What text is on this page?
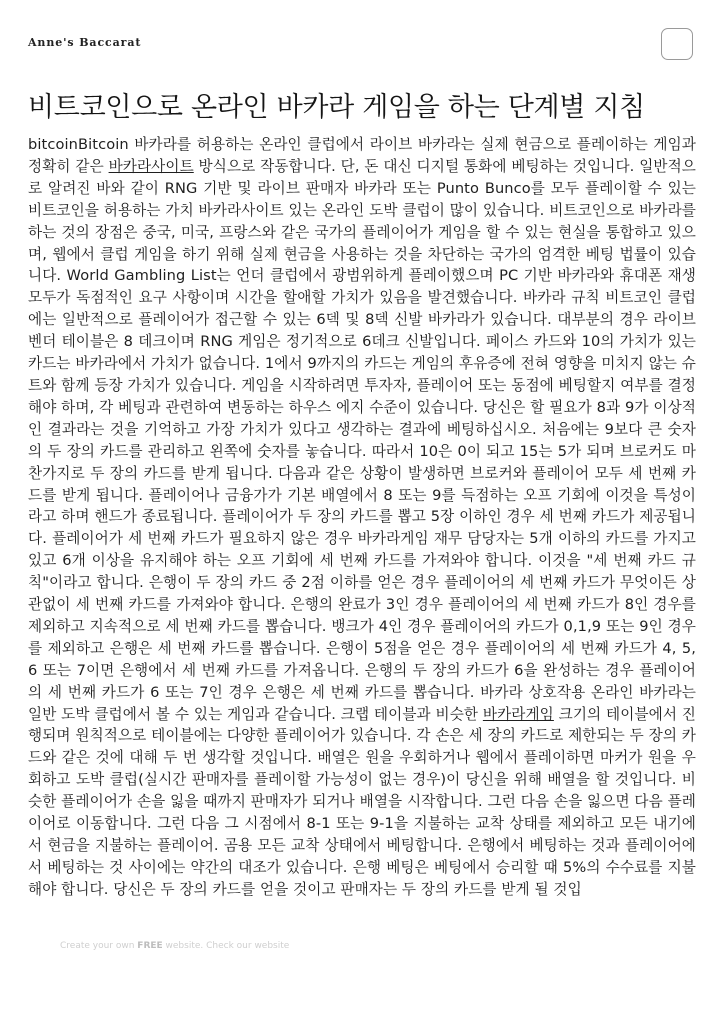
Anne's Baccarat
비트코인으로 온라인 바카라 게임을 하는 단계별 지침

bitcoinBitcoin 바카라를 허용하는 온라인 클럽에서 라이브 바카라는 실제 현금으로 플레이하는 게임과 정확히 같은 바카라사이트 방식으로 작동합니다. 단, 돈 대신 디지털 통화에 베팅하는 것입니다. 일반적으로 알려진 바와 같이 RNG 기반 및 라이브 판매자 바카라 또는 Punto Bunco를 모두 플레이할 수 있는 비트코인을 허용하는 가치 바카라사이트 있는 온라인 도박 클럽이 많이 있습니다. 비트코인으로 바카라를 하는 것의 장점은 중국, 미국, 프랑스와 같은 국가의 플레이어가 게임을 할 수 있는 현실을 통합하고 있으며, 웹에서 클럽 게임을 하기 위해 실제 현금을 사용하는 것을 차단하는 국가의 엄격한 베팅 법률이 있습니다. World Gambling List는 언더 클럽에서 광범위하게 플레이했으며 PC 기반 바카라와 휴대폰 재생 모두가 독점적인 요구 사항이며 시간을 할애할 가치가 있음을 발견했습니다. 바카라 규칙 비트코인 클럽에는 일반적으로 플레이어가 접근할 수 있는 6덱 및 8덱 신발 바카라가 있습니다. 대부분의 경우 라이브 벤더 테이블은 8 데크이며 RNG 게임은 정기적으로 6데크 신발입니다. 페이스 카드와 10의 가치가 있는 카드는 바카라에서 가치가 없습니다. 1에서 9까지의 카드는 게임의 후유증에 전혀 영향을 미치지 않는 슈트와 함께 등장 가치가 있습니다. 게임을 시작하려면 투자자, 플레이어 또는 동점에 베팅할지 여부를 결정해야 하며, 각 베팅과 관련하여 변동하는 하우스 에지 수준이 있습니다. 당신은 할 필요가 8과 9가 이상적인 결과라는 것을 기억하고 가장 가치가 있다고 생각하는 결과에 베팅하십시오. 처음에는 9보다 큰 숫자의 두 장의 카드를 관리하고 왼쪽에 숫자를 놓습니다. 따라서 10은 0이 되고 15는 5가 되며 브로커도 마찬가지로 두 장의 카드를 받게 됩니다. 다음과 같은 상황이 발생하면 브로커와 플레이어 모두 세 번째 카드를 받게 됩니다. 플레이어나 금융가가 기본 배열에서 8 또는 9를 득점하는 오프 기회에 이것을 특성이라고 하며 핸드가 종료됩니다. 플레이어가 두 장의 카드를 뽑고 5장 이하인 경우 세 번째 카드가 제공됩니다. 플레이어가 세 번째 카드가 필요하지 않은 경우 바카라게임 재무 담당자는 5개 이하의 카드를 가지고 있고 6개 이상을 유지해야 하는 오프 기회에 세 번째 카드를 가져와야 합니다. 이것을 "세 번째 카드 규칙"이라고 합니다. 은행이 두 장의 카드 중 2점 이하를 얻은 경우 플레이어의 세 번째 카드가 무엇이든 상관없이 세 번째 카드를 가져와야 합니다. 은행의 완료가 3인 경우 플레이어의 세 번째 카드가 8인 경우를 제외하고 지속적으로 세 번째 카드를 뽑습니다. 뱅크가 4인 경우 플레이어의 카드가 0,1,9 또는 9인 경우를 제외하고 은행은 세 번째 카드를 뽑습니다. 은행이 5점을 얻은 경우 플레이어의 세 번째 카드가 4, 5, 6 또는 7이면 은행에서 세 번째 카드를 가져옵니다. 은행의 두 장의 카드가 6을 완성하는 경우 플레이어의 세 번째 카드가 6 또는 7인 경우 은행은 세 번째 카드를 뽑습니다. 바카라 상호작용 온라인 바카라는 일반 도박 클럽에서 볼 수 있는 게임과 같습니다. 크랩 테이블과 비슷한 바카라게임 크기의 테이블에서 진행되며 원칙적으로 테이블에는 다양한 플레이어가 있습니다. 각 손은 세 장의 카드로 제한되는 두 장의 카드와 같은 것에 대해 두 번 생각할 것입니다. 배열은 원을 우회하거나 웹에서 플레이하면 마커가 원을 우회하고 도박 클럽(실시간 판매자를 플레이할 가능성이 없는 경우)이 당신을 위해 배열을 할 것입니다. 비슷한 플레이어가 손을 잃을 때까지 판매자가 되거나 배열을 시작합니다. 그런 다음 손을 잃으면 다음 플레이어로 이동합니다. 그런 다음 그 시점에서 8-1 또는 9-1을 지불하는 교착 상태를 제외하고 모든 내기에서 현금을 지불하는 플레이어. 곰용 모든 교착 상태에서 베팅합니다. 은행에서 베팅하는 것과 플레이어에서 베팅하는 것 사이에는 약간의 대조가 있습니다. 은행 베팅은 베팅에서 승리할 때 5%의 수수료를 지불해야 합니다. 당신은 두 장의 카드를 얻을 것이고 판매자는 두 장의 카드를 받게 될 것입

Create your own FREE website. Check our website
